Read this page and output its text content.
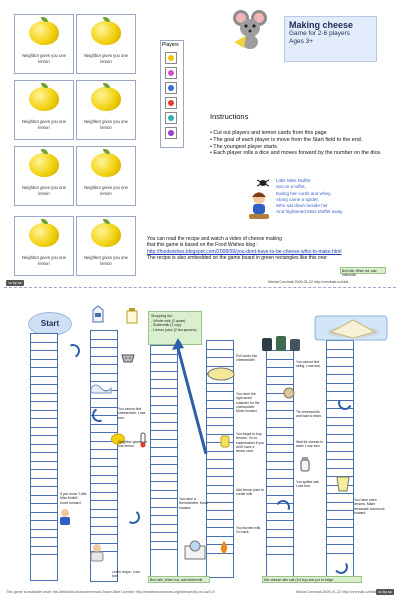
Neighbor gives you one lemon
Neighbor gives you one lemon
Neighbor gives you one lemon
Neighbor gives you one lemon
Neighbor gives you one lemon
Neighbor gives you one lemon
Neighbor gives you one lemon
Neighbor gives you one lemon
Players
Making cheese
Game for 2-6 players
Ages 3+
Instructions
• Cut out players and lemon cards from this page
• The goal of each player is move from the Start field to the end.
• The youngest player starts.
• Each player rolls a dice and moves forward by the number on the dice.
Little Miss Muffet
Sat on a tuffet,
Eating her curds and whey,
Along came a spider,
Who sat down beside her
And frightened Miss Muffet away
You can read the recipe and watch a video of cheese making
that this game is based on the Food Wishes blog :
http://foodwishes.blogspot.com/2008/06/you-dont-have-to-be-cheese-whiz-to-make.html
The recipe is also embedded on the game board in green rectangles like this one:
Boil milk. When hot, add buttermilk.
cc by-sa	Michal Cervinak 2009-01-22 http://cervinak.cz/kids
Start
Shopping list:
- Whole milk (2 quart)
- Buttermilk (1 cup)
- Lemon juice (2 tea spoons)
You cannot find cheesecloth. Lose turn.
Neighbor gives you one lemon.
If you know "Little Miss Muffet", move forward.
Learn recipe. Lose turn.
You have a thermometer. Move forward.
Pull curds into cheesecloth!
You have the right-sized colander for the cheesecloth. Move forward.
You forgot to buy lemons. Go to supermarket if you don't have a lemon card.
Add lemon juice to curdle milk.
You burned milk. Go back.
You cannot find string. Lose turn.
Tie cheesecloth and wait to drain.
Wait for cheese to drain. Lose turn.
You spilled salt. Lose turn.
You have extra lemons. Make lemonade and move forward.
Boil milk. When hot, add buttermilk.	Mix cheese with salt (1/4 tsp) and put to fridge.
This game is available under the Attribution-Noncommercial-Share Alike License: http://creativecommons.org/licenses/by-nc-sa/3.0/	Michal Cervinak 2009-01-22 http://cervinak.cz/kids cc by-sa
